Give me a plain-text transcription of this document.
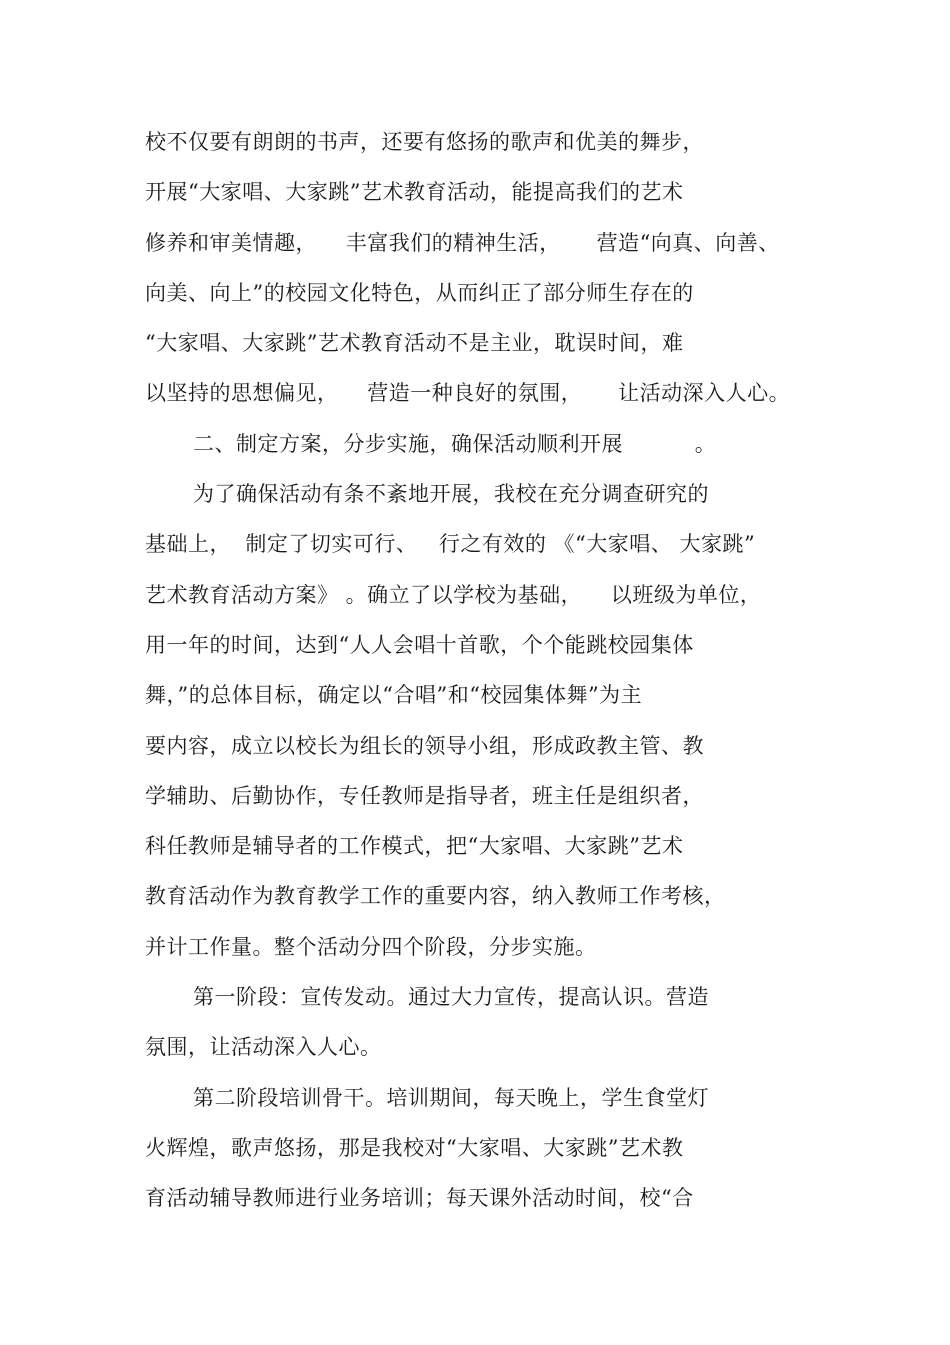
校不仅要有朗朗的书声，还要有悠扬的歌声和优美的舞步，
开展“大家唱、大家跳”艺术教育活动，能提高我们的艺术
修养和审美情趣，    丰富我们的精神生活，     营造“向真、向善、
向美、向上”的校园文化特色，从而纠正了部分师生存在的
“大家唱、大家跳”艺术教育活动不是主业，耽误时间，难
以坚持的思想偏见，    营造一种良好的氛围，     让活动深入人心。
二、制定方案，分步实施，确保活动顺利开展          。
为了确保活动有条不紊地开展，我校在充分调查研究的
基础上，  制定了切实可行、   行之有效的 《“大家唱、 大家跳”
艺术教育活动方案》 。确立了以学校为基础，    以班级为单位，
用一年的时间，达到“人人会唱十首歌，个个能跳校园集体
舞，”的总体目标，确定以“合唱”和“校园集体舞”为主
要内容，成立以校长为组长的领导小组，形成政教主管、教
学辅助、后勤协作，专任教师是指导者，班主任是组织者，
科任教师是辅导者的工作模式，把“大家唱、大家跳”艺术
教育活动作为教育教学工作的重要内容，纳入教师工作考核，
并计工作量。整个活动分四个阶段，分步实施。
第一阶段：宣传发动。通过大力宣传，提高认识。营造
氛围，让活动深入人心。
第二阶段培训骨干。培训期间，每天晚上，学生食堂灯
火辉煌，歌声悠扬，那是我校对“大家唱、大家跳”艺术教
育活动辅导教师进行业务培训；每天课外活动时间，校“合
